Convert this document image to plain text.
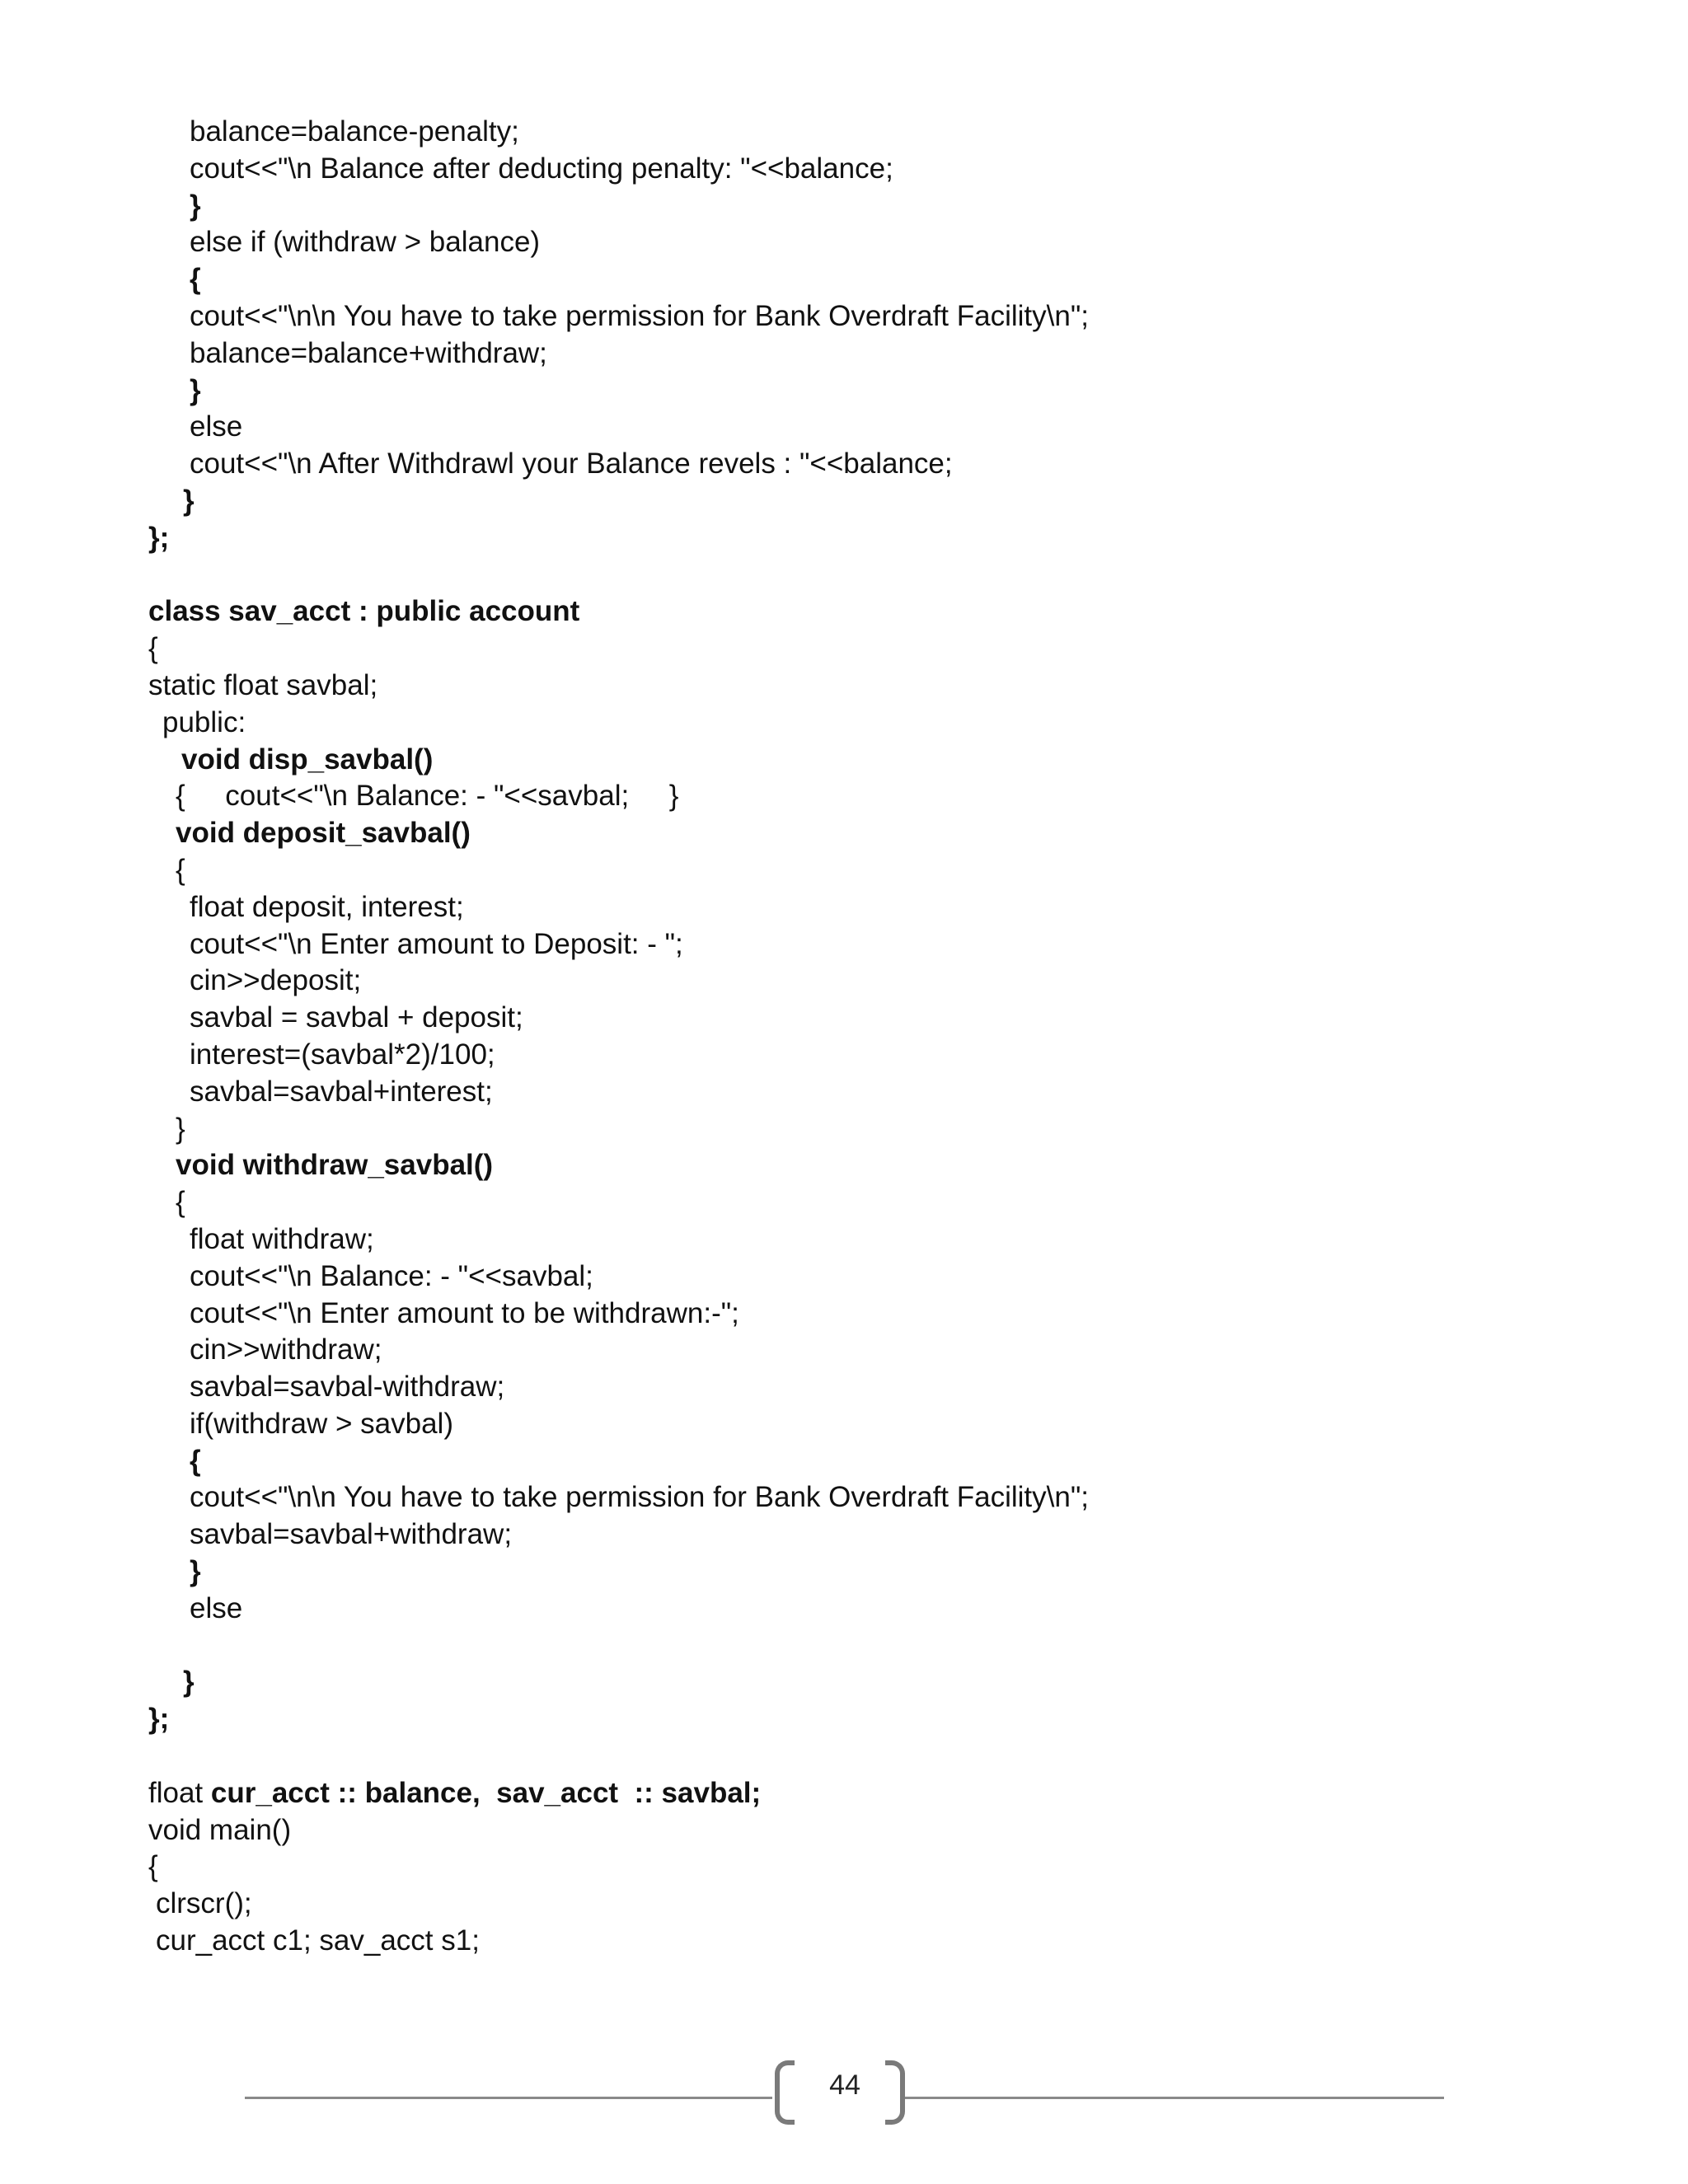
balance=balance-penalty;
cout<<"\n Balance after deducting penalty: "<<balance;
}
else if (withdraw > balance)
{
cout<<"\n\n You have to take permission for Bank Overdraft Facility\n";
balance=balance+withdraw;
}
else
cout<<"\n After Withdrawl your Balance revels : "<<balance;
}
};
class sav_acct : public account
{
static float savbal;
public:
void disp_savbal()
{     cout<<"\n Balance: - "<<savbal;     }
void deposit_savbal()
{
float deposit, interest;
cout<<"\n Enter amount to Deposit: - ";
cin>>deposit;
savbal = savbal + deposit;
interest=(savbal*2)/100;
savbal=savbal+interest;
}
void withdraw_savbal()
{
float withdraw;
cout<<"\n Balance: - "<<savbal;
cout<<"\n Enter amount to be withdrawn:-";
cin>>withdraw;
savbal=savbal-withdraw;
if(withdraw > savbal)
{
cout<<"\n\n You have to take permission for Bank Overdraft Facility\n";
savbal=savbal+withdraw;
}
else
}
};
float cur_acct :: balance,  sav_acct  :: savbal;
void main()
{
clrscr();
cur_acct c1; sav_acct s1;
44
